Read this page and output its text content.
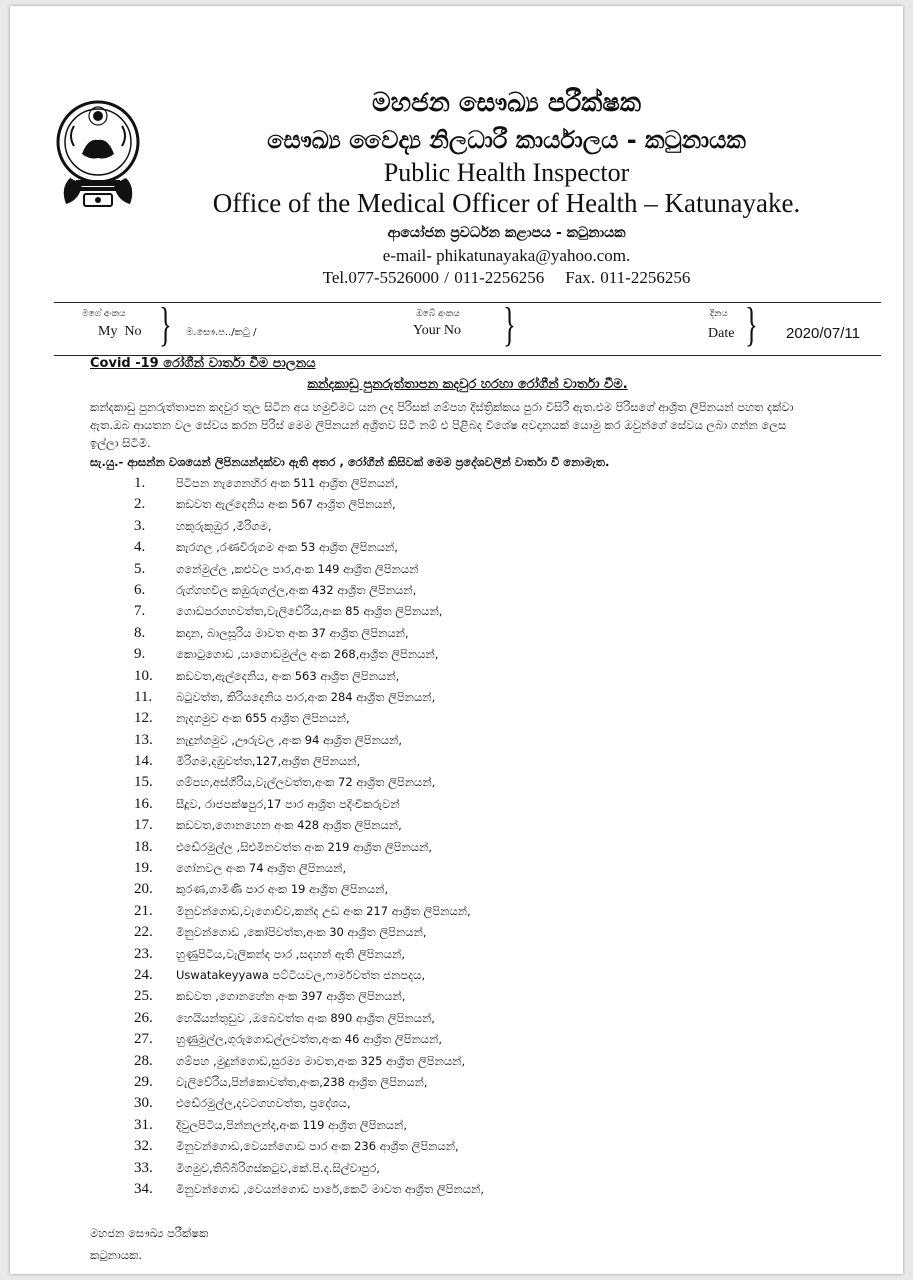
මහජන සෞඛ්‍ය පරීක්ෂක
සෞඛ්‍ය වෛද්‍ය නිලධාරී කාර්යාලය - කටුනායක
Public Health Inspector
Office of the Medical Officer of Health – Katunayake.
ආයෝජන ප්‍රවර්ධන කළාපය - කටුනායක
e-mail- phikatunayaka@yahoo.com.
Tel.077-5526000 / 011-2256256    Fax. 011-2256256
මගේ අංකය
My  No } ම.සෞ.ප../කටු /
ඔබේ අංකය
Your No }	දිනය
Date } 2020/07/11
Covid -19 රෝගීන් වාර්තා වීම පාලනය
කන්දකාඩු පුනරුත්තාපන කදවුර හරහා රෝගීන් වාර්තා වීම.
කන්දකාඩු පුනරුත්තාපන කදවුර තුල සිටින අය හමුවීමට යන ලද පිරිසක් ගම්පහ දිස්ත්‍රික්කය පුරා විසිරී ඇත.එම පිරිසගේ ආශ්‍රිත ලිපිනයන් පහත දක්වා ඇත.ඔබ ආයතන වල සේවය කරන පිරිස් මෙම ලිපිනයන් අශ්‍රිතව සිටී නම් එ පිළිබද විශේෂ අවදානයක් යොමු කර ඔවුන්ගේ සේවය ලබා ගන්න ලෙස ඉල්ලා සිටිමි.
සැ.යු.- ආසන්න වශයෙන් ලිපිනයන්දක්වා ඇති අතර , රෝගීන් කිසිවක් මෙම ප්‍රදේශවලින් වාර්තා වී නොමැත.
1.	පිටිපන නැගෙනහිර අංක 511 ආශ්‍රිත ලිපිනයන්,
2.	කඩවත ඇල්දෙනිය අංක 567 ආශ්‍රිත ලිපිනයන්,
3.	හකුරුකුඹුර ,මීරිගම,
4.	කැරගල ,රණවිරුගම අංක 53 ආශ්‍රිත ලිපිනයන්,
5.	ගනේමුල්ල ,කළුවල පාර,අංක 149 ආශ්‍රිත ලිපිනයන්
6.	රුග්ගහවිල කඹුරුගල්ල,අංක 432 ආශ්‍රිත ලිපිනයන්,
7.	ගොඩපරගහවත්ත,වැලිවේරිය,අංක 85 ආශ්‍රිත ලිපිනයන්,
8.	කදාන, බාලසූරිය මාවත අංක 37 ආශ්‍රිත ලිපිනයන්,
9.	කොටුගොඩ ,යාගොඩමුල්ල අංක 268,ආශ්‍රිත ලිපිනයන්,
10. කඩවත,ඇල්දෙනිය, අංක 563 ආශ්‍රිත ලිපිනයන්,
11. බටුවත්ත, කිරියදෙනිය පාර,අංක 284 ආශ්‍රිත ලිපිනයන්,
12. නැදගමුව අංක 655 ආශ්‍රිත ලිපිනයන්,
13. නැදුන්ගමුව ,ඌරුවල ,අංක 94 ආශ්‍රිත ලිපිනයන්,
14. මීරිගම,දඹුවත්ත,127,ආශ්‍රිත ලිපිනයන්,
15. ගම්පහ,අස්ගිරිය,වැල්ලවත්ත,අංක 72 ආශ්‍රිත ලිපිනයන්,
16. සීදූව, රාජපක්ෂපුර,17 පාර ආශ්‍රිත පදිංචිකරුවන්
17. කඩවත,ගොනහෙන අංක 428 ආශ්‍රිත ලිපිනයන්,
18. එඩේරමුල්ල ,සිළුමිනවත්ත අංක 219 ආශ්‍රිත ලිපිනයන්,
19. ගෝනවල අංක 74 ආශ්‍රිත ලිපිනයන්,
20. කුරණ,ගාමිණි පාර අංක 19 ආශ්‍රිත ලිපිනයන්,
21. මිනුවන්ගොඩ,වැගොව්ව,කන්ද උඩ අංක 217 ආශ්‍රිත ලිපිනයන්,
22. මිනුවන්ගොඩ ,කෝපිවත්ත,අංක 30 ආශ්‍රිත ලිපිනයන්,
23. හුණුපිටිය,වැලිකන්ද පාර ,සදහන් ඇති ලිපිනයන්,
24. Uswatakeyyawa පට්ටියවල,ෆාර්මවත්ත ජනපදය,
25. කඩවත ,ගොනහේන අංක 397 ආශ්‍රිත ලිපිනයන්,
26. හෙයියන්තුඩුව ,ඔබෙවත්ත අංක 890 ආශ්‍රිත ලිපිනයන්,
27. හුණුමුල්ල,ගුරුගොඩල්ලවත්ත,අංක 46 ආශ්‍රිත ලිපිනයන්,
28. ගම්පහ ,මුදුන්ගොඩ,සුරම්‍ය මාවත,අංක 325 ආශ්‍රිත ලිපිනයන්,
29. වැලිවේරිය,පින්කොවත්ත,අංක,238 ආශ්‍රිත ලිපිනයන්,
30. එඩේරමුල්ල,දවටගහවත්ත, ප්‍රදේශය,
31. දිවුලපිටිය,පින්නලන්ද,අංක 119 ආශ්‍රිත ලිපිනයන්,
32. මිනුවන්ගොඩ,වෙයන්ගොඩ පාර අංක 236 ආශ්‍රිත ලිපිනයන්,
33. මිගමුව,තිබ්බිරිගස්කටුව,කේ.පි.ද.සිල්වාපුර,
34. මිනුවන්ගොඩ ,වෙයන්ගොඩ පාරේ,කෙටි මාවත ආශ්‍රිත ලිපිනයන්,
මහජන සෞඛ්‍ය පරීක්ෂක
කටුනායක.
